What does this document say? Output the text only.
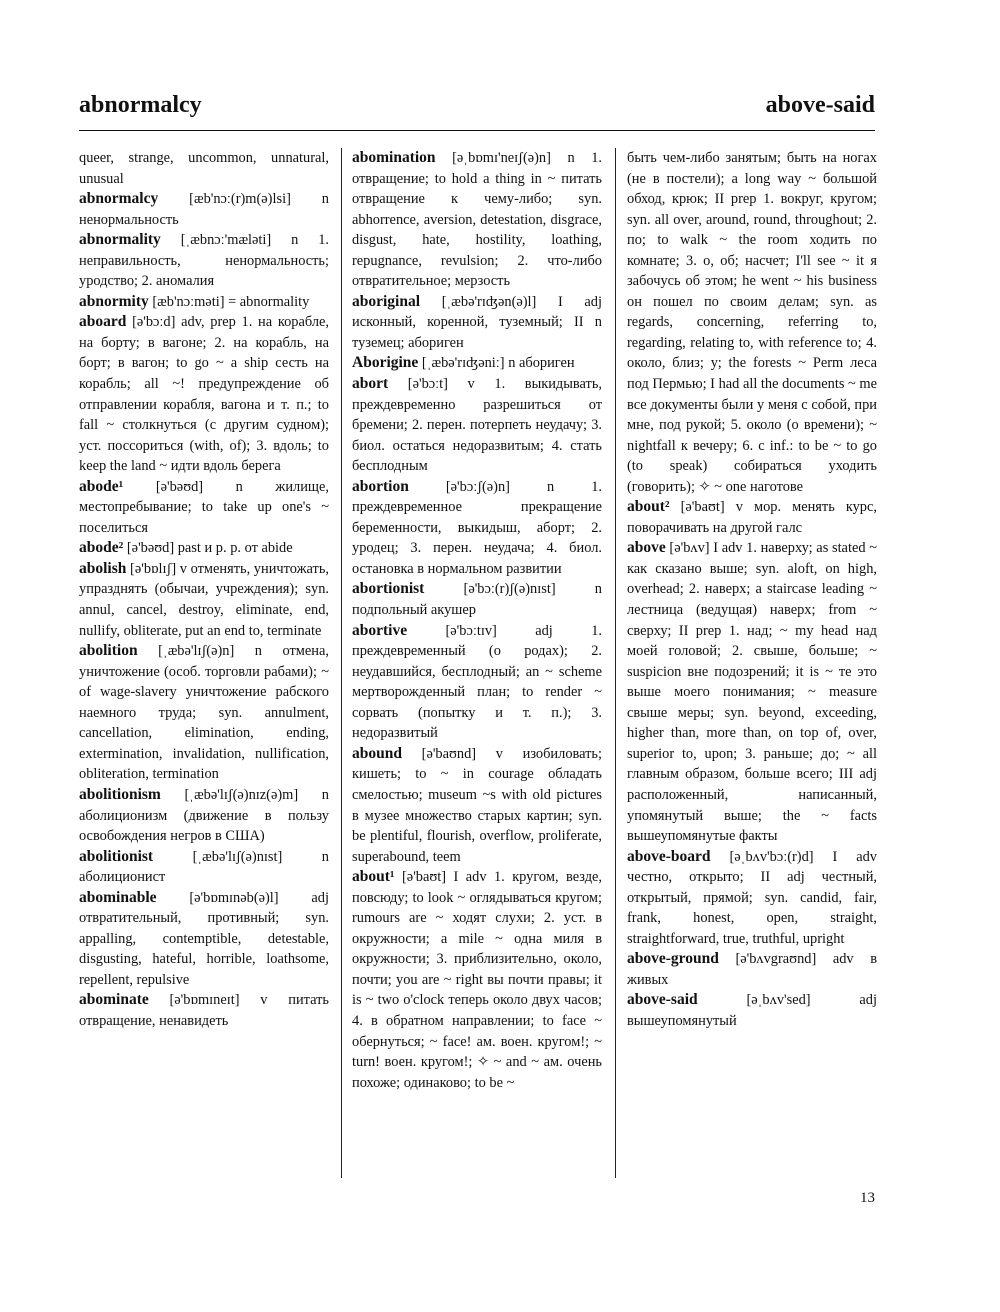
abnormalcy	above-said

queer, strange, uncommon, unnatural, unusual

abnormalcy [æb'nɔː(r)m(ə)lsi] n ненормальность

abnormality [ˌæbnɔː'mæləti] n 1. неправильность, ненормальность; уродство; 2. аномалия

abnormity [æb'nɔːməti] = abnormality

aboard [ə'bɔːd] adv, prep 1. на корабле, на борту; в вагоне; 2. на корабль, на борт; в вагон; to go ~ a ship сесть на корабль; all ~! предупреждение об отправлении корабля, вагона и т. п.; to fall ~ столкнуться (с другим судном); уст. поссориться (with, of); 3. вдоль; to keep the land ~ идти вдоль берега

abode¹ [ə'bəʊd] n жилище, местопребывание; to take up one's ~ поселиться

abode² [ə'bəʊd] past и p. p. от abide

abolish [ə'bɒlɪʃ] v отменять, уничтожать, упразднять (обычаи, учреждения); syn. annul, cancel, destroy, eliminate, end, nullify, obliterate, put an end to, terminate

abolition [ˌæbə'lɪʃ(ə)n] n отмена, уничтожение (особ. торговли рабами); ~ of wage-slavery уничтожение рабского наемного труда; syn. annulment, cancellation, elimination, ending, extermination, invalidation, nullification, obliteration, termination

abolitionism [ˌæbə'lɪʃ(ə)nɪz(ə)m] n аболиционизм (движение в пользу освобождения негров в США)

abolitionist	[ˌæbə'lɪʃ(ə)nɪst] n аболиционист

abominable [ə'bɒmɪnəb(ə)l] adj отвратительный, противный; syn. appalling, contemptible, detestable, disgusting, hateful, horrible, loathsome, repellent, repulsive

abominate [ə'bɒmɪneɪt] v питать отвращение, ненавидеть

abomination [əˌbɒmɪ'neɪʃ(ə)n] n 1. отвращение; to hold a thing in ~ питать отвращение к чему-либо; syn. abhorrence, aversion, detestation, disgrace, disgust, hate, hostility, loathing, repugnance, revulsion; 2. что-либо отвратительное; мерзость

aboriginal [ˌæbə'rɪʤən(ə)l] I adj исконный, коренной, туземный; II n туземец; абориген

Aborigine [ˌæbə'rɪʤəniː] n абориген

abort [ə'bɔːt] v 1. выкидывать, преждевременно разрешиться от бремени; 2. перен. потерпеть неудачу; 3. биол. остаться недоразвитым; 4. стать бесплодным

abortion	[ə'bɔːʃ(ə)n] n 1. преждевременное прекращение беременности, выкидыш, аборт; 2. уродец; 3. перен. неудача; 4. биол. остановка в нормальном развитии

abortionist	[ə'bɔː(r)ʃ(ə)nɪst] n подпольный акушер

abortive	[ə'bɔːtɪv] adj 1. преждевременный (о родах); 2. неудавшийся, бесплодный; an ~ scheme мертворожденный план; to render ~ сорвать (попытку и т. п.); 3. недоразвитый

abound [ə'baʊnd] v изобиловать; кишеть; to ~ in courage обладать смелостью; museum ~s with old pictures в музее множество старых картин; syn. be plentiful, flourish, overflow, proliferate, superabound, teem

about¹ [ə'baʊt] I adv 1. кругом, везде, повсюду; to look ~ оглядываться кругом; rumours are ~ ходят слухи; 2. уст. в окружности; a mile ~ одна миля в окружности; 3. приблизительно, около, почти; you are ~ right вы почти правы; it is ~ two o'clock теперь около двух часов; 4. в обратном направлении; to face ~ обернуться; ~ face! ам. воен. кругом!; ~ turn! воен. кругом!; ✧ ~ and ~ ам. очень похоже; одинаково; to be ~

быть чем-либо занятым; быть на ногах (не в постели); a long way ~ большой обход, крюк; II prep 1. вокруг, кругом; syn. all over, around, round, throughout; 2. по; to walk ~ the room ходить по комнате; 3. о, об; насчет; I'll see ~ it я забочусь об этом; he went ~ his business он пошел по своим делам; syn. as regards, concerning, referring to, regarding, relating to, with reference to; 4. около, близ; у; the forests ~ Perm леса под Пермью; I had all the documents ~ me все документы были у меня с собой, при мне, под рукой; 5. около (о времени); ~ nightfall к вечеру; 6. с inf.: to be ~ to go (to speak) собираться уходить (говорить); ✧ ~ one наготове

about² [ə'baʊt] v мор. менять курс, поворачивать на другой галс

above [ə'bʌv] I adv 1. наверху; as stated ~ как сказано выше; syn. aloft, on high, overhead; 2. наверх; a staircase leading ~ лестница (ведущая) наверх; from ~ сверху; II prep 1. над; ~ my head над моей головой; 2. свыше, больше; ~ suspicion вне подозрений; it is ~ те это выше моего понимания; ~ measure свыше меры; syn. beyond, exceeding, higher than, more than, on top of, over, superior to, upon; 3. раньше; до; ~ all главным образом, больше всего; III adj расположенный, написанный, упомянутый выше; the ~ facts вышеупомянутые факты

above-board [əˌbʌv'bɔː(r)d] I adv честно, открыто; II adj честный, открытый, прямой; syn. candid, fair, frank, honest, open, straight, straightforward, true, truthful, upright

above-ground [ə'bʌvgraʊnd] adv в живых

above-said	[əˌbʌv'sed] adj вышеупомянутый

13
